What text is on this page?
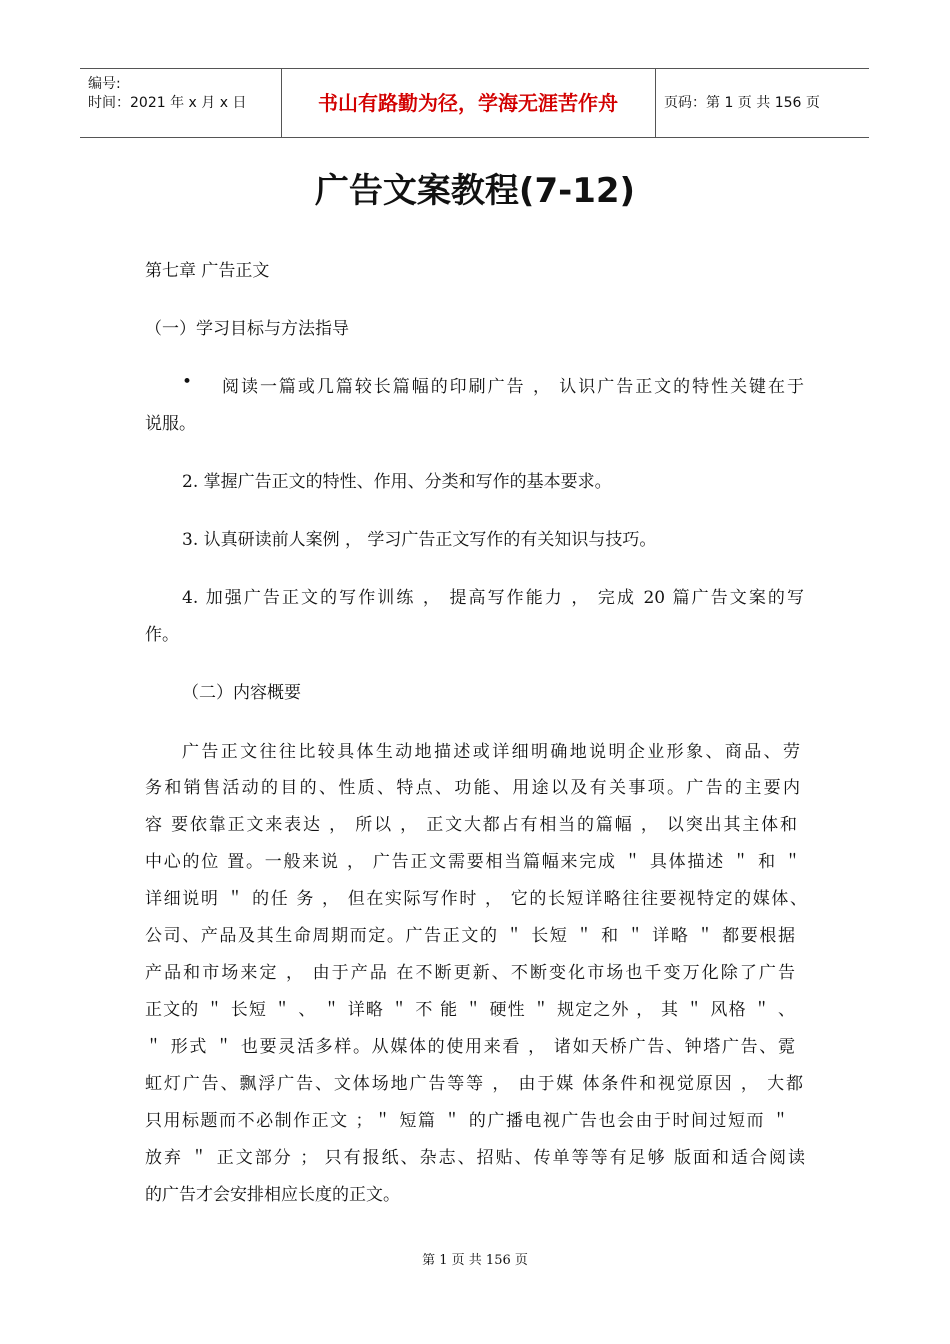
编号:
时间：2021 年 x 月 x 日	书山有路勤为径，学海无涯苦作舟	页码：第 1 页 共 156 页
广告文案教程(7-12)
第七章 广告正文
（一）学习目标与方法指导
• 阅读一篇或几篇较长篇幅的印刷广告 ， 认识广告正文的特性关键在于
说服。
2. 掌握广告正文的特性、作用、分类和写作的基本要求。
3. 认真研读前人案例 ， 学习广告正文写作的有关知识与技巧。
4. 加强广告正文的写作训练 ， 提高写作能力 ， 完成 20 篇广告文案的写
作。
（二）内容概要
广告正文往往比较具体生动地描述或详细明确地说明企业形象、商品、劳
务和销售活动的目的、性质、特点、功能、用途以及有关事项。广告的主要内
容 要依靠正文来表达 ， 所以 ， 正文大都占有相当的篇幅 ， 以突出其主体和
中心的位 置。一般来说 ， 广告正文需要相当篇幅来完成 ＂ 具体描述 ＂ 和 ＂
详细说明 ＂ 的任 务 ， 但在实际写作时 ， 它的长短详略往往要视特定的媒体、
公司、产品及其生命周期而定。广告正文的 ＂ 长短 ＂ 和 ＂ 详略 ＂ 都要根据
产品和市场来定 ， 由于产品 在不断更新、不断变化市场也千变万化除了广告
正文的 ＂ 长短 ＂ 、 ＂ 详略 ＂ 不 能 ＂ 硬性 ＂ 规定之外 ， 其 ＂ 风格 ＂ 、
＂ 形式 ＂ 也要灵活多样。从媒体的使用来看 ， 诸如天桥广告、钟塔广告、霓
虹灯广告、飘浮广告、文体场地广告等等 ， 由于媒 体条件和视觉原因 ， 大都
只用标题而不必制作正文 ；＂ 短篇 ＂ 的广播电视广告也会由于时间过短而 ＂
放弃 ＂ 正文部分 ； 只有报纸、杂志、招贴、传单等等有足够 版面和适合阅读
的广告才会安排相应长度的正文。
第 1 页 共 156 页
